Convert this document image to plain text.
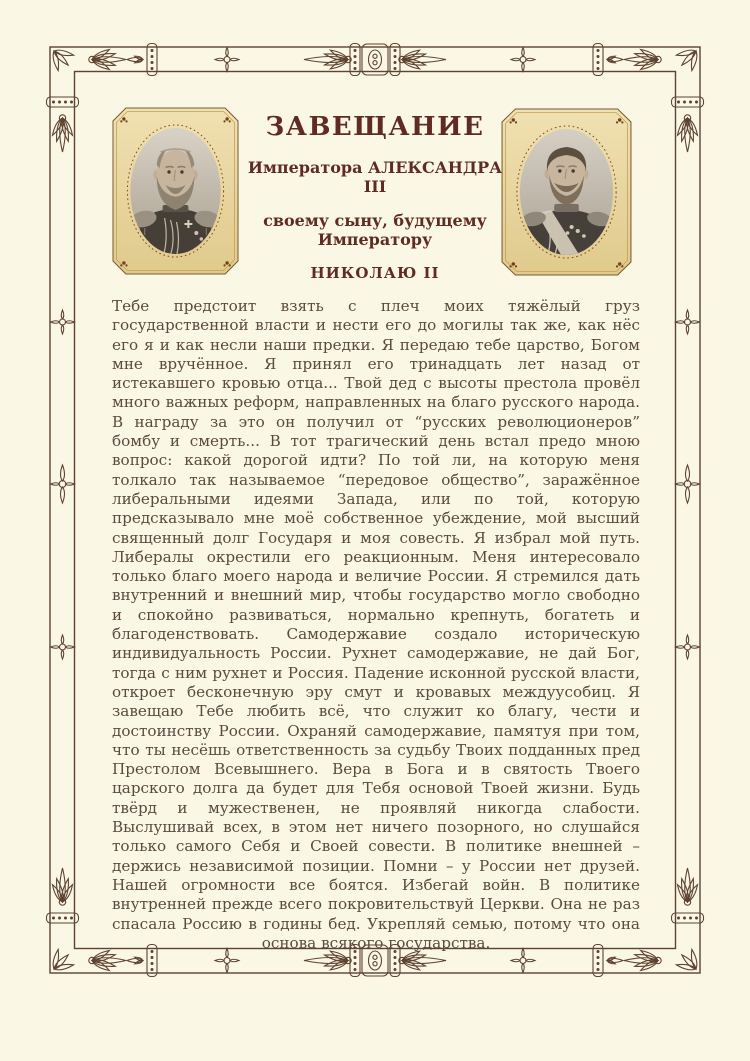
ЗАВЕЩАНИЕ
Императора АЛЕКСАНДРА III
своему сыну, будущему Императору
НИКОЛАЮ II
Тебе предстоит взять с плеч моих тяжёлый груз государственной власти и нести его до могилы так же, как нёс его я и как несли наши предки. Я передаю тебе царство, Богом мне вручённое. Я принял его тринадцать лет назад от истекавшего кровью отца... Твой дед с высоты престола провёл много важных реформ, направленных на благо русского народа. В награду за это он получил от “русских революционеров” бомбу и смерть... В тот трагический день встал предо мною вопрос: какой дорогой идти? По той ли, на которую меня толкало так называемое “передовое общество”, заражённое либеральными идеями Запада, или по той, которую предсказывало мне моё собственное убеждение, мой высший священный долг Государя и моя совесть. Я избрал мой путь. Либералы окрестили его реакционным. Меня интересовало только благо моего народа и величие России. Я стремился дать внутренний и внешний мир, чтобы государство могло свободно и спокойно развиваться, нормально крепнуть, богатеть и благоденствовать. Самодержавие создало историческую индивидуальность России. Рухнет самодержавие, не дай Бог, тогда с ним рухнет и Россия. Падение исконной русской власти, откроет бесконечную эру смут и кровавых междуусобиц. Я завещаю Тебе любить всё, что служит ко благу, чести и достоинству России. Охраняй самодержавие, памятуя при том, что ты несёшь ответственность за судьбу Твоих подданных пред Престолом Всевышнего. Вера в Бога и в святость Твоего царского долга да будет для Тебя основой Твоей жизни. Будь твёрд и мужественен, не проявляй никогда слабости. Выслушивай всех, в этом нет ничего позорного, но слушайся только самого Себя и Своей совести. В политике внешней – держись независимой позиции. Помни – у России нет друзей. Нашей огромности все боятся. Избегай войн. В политике внутренней прежде всего покровительствуй Церкви. Она не раз спасала Россию в годины бед. Укрепляй семью, потому что она основа всякого государства.
